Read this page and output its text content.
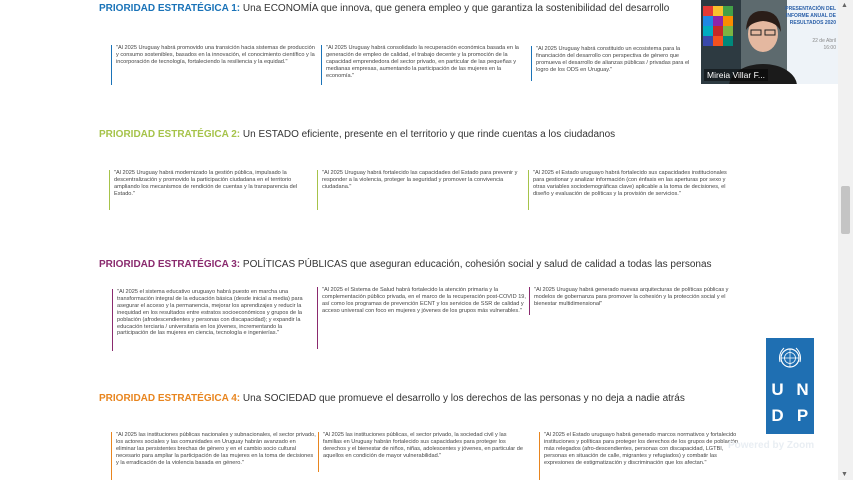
PRIORIDAD ESTRATÉGICA 1: Una ECONOMÍA que innova, que genera empleo y que garantiza la sostenibilidad del desarrollo
"Al 2025 Uruguay habrá promovido una transición hacia sistemas de producción y consumo sostenibles, basados en la innovación, el conocimiento científico y la incorporación de tecnología, fortaleciendo la resiliencia y la equidad."
"Al 2025 Uruguay habrá consolidado la recuperación económica basada en la generación de empleo de calidad, el trabajo decente y la promoción de la capacidad emprendedora del sector privado, en particular de las pequeñas y medianas empresas, aumentando la participación de las mujeres en la economía."
"Al 2025 Uruguay habrá constituido un ecosistema para la financiación del desarrollo con perspectiva de género que promueva el desarrollo de alianzas públicas / privadas para el logro de los ODS en Uruguay."
PRIORIDAD ESTRATÉGICA 2: Un ESTADO eficiente, presente en el territorio y que rinde cuentas a los ciudadanos
"Al 2025 Uruguay habrá modernizado la gestión pública, impulsado la descentralización y promovido la participación ciudadana en el territorio ampliando los mecanismos de rendición de cuentas y la transparencia del Estado."
"Al 2025 Uruguay habrá fortalecido las capacidades del Estado para prevenir y responder a la violencia, proteger la seguridad y promover la convivencia ciudadana."
"Al 2025 el Estado uruguayo habrá fortalecido sus capacidades institucionales para gestionar y analizar información (con énfasis en las aperturas por sexo y otras variables sociodemográficas clave) aplicable a la toma de decisiones, el diseño y evaluación de políticas y la provisión de servicios."
PRIORIDAD ESTRATÉGICA 3: POLÍTICAS PÚBLICAS que aseguran educación, cohesión social y salud de calidad a todas las personas
"Al 2025 el sistema educativo uruguayo habrá puesto en marcha una transformación integral de la educación básica (desde inicial a media) para asegurar el acceso y la permanencia, mejorar los aprendizajes y reducir la inequidad en los resultados entre estratos socioeconómicos y grupos de la población (afrodescendientes y personas con discapacidad); y expandir la educación terciaria / universitaria en los jóvenes, incrementando la participación de las mujeres en ciencia, tecnología e ingenierías."
"Al 2025 el Sistema de Salud habrá fortalecido la atención primaria y la complementación público privada, en el marco de la recuperación post-COVID 19, así como los programas de prevención ECNT y los servicios de SSR de calidad y acceso universal con foco en mujeres y jóvenes de los grupos más vulnerables."
"Al 2025 Uruguay habrá generado nuevas arquitecturas de políticas públicas y modelos de gobernanza para promover la cohesión y la protección social y el bienestar multidimensional"
PRIORIDAD ESTRATÉGICA 4: Una SOCIEDAD que promueve el desarrollo y los derechos de las personas y no deja a nadie atrás
"Al 2025 las instituciones públicas nacionales y subnacionales, el sector privado, los actores sociales y las comunidades en Uruguay habrán avanzado en eliminar las persistentes brechas de género y en el cambio socio cultural necesario para ampliar la participación de las mujeres en la toma de decisiones y la erradicación de la violencia basada en género."
"Al 2025 las instituciones públicas, el sector privado, la sociedad civil y las familias en Uruguay habrán fortalecido sus capacidades para proteger los derechos y el bienestar de niños, niñas, adolescentes y jóvenes, en particular de aquellos en condición de mayor vulnerabilidad."
"Al 2025 el Estado uruguayo habrá generado marcos normativos y fortalecido instituciones y políticas para proteger los derechos de los grupos de población más relegados (afro-descendientes, personas con discapacidad, LGTBI, personas en situación de calle, migrantes y refugiados) y combatir las expresiones de estigmatización y discriminación que los afectan."
U N
D P
Powered by Zoom
PRESENTACIÓN DEL
INFORME ANUAL DE
RESULTADOS 2020
22 de Abril
16:00
Mireia Villar F...
▲
▼
